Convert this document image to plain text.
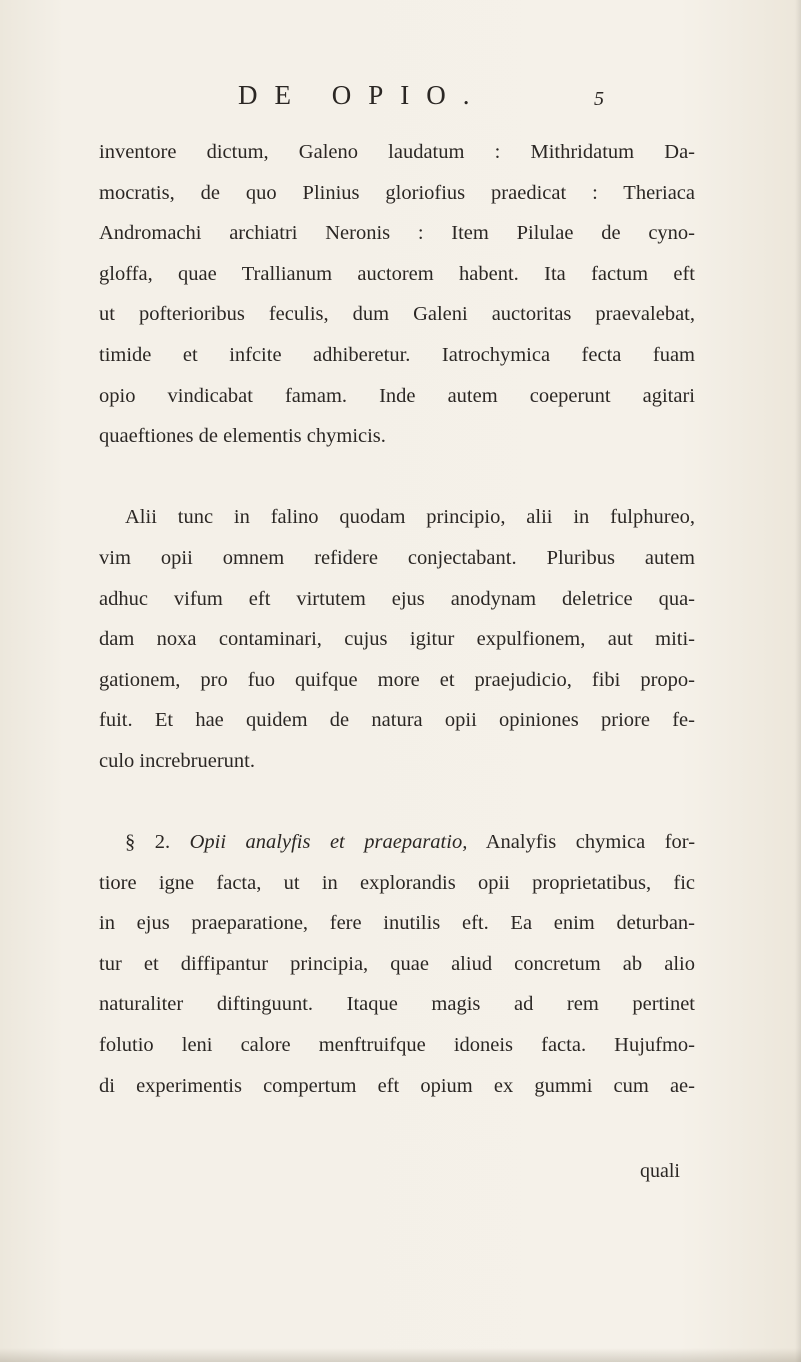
DE OPIO.	5
inventore dictum, Galeno laudatum : Mithridatum Da-
mocratis, de quo Plinius gloriofius praedicat : Theriaca
Andromachi archiatri Neronis : Item Pilulae de cyno-
gloffa, quae Trallianum auctorem habent. Ita factum eft
ut pofterioribus feculis, dum Galeni auctoritas praevalebat,
timide et infcite adhiberetur. Iatrochymica fecta fuam
opio vindicabat famam. Inde autem coeperunt agitari
quaeftiones de elementis chymicis.
Alii tunc in falino quodam principio, alii in fulphureo,
vim opii omnem refidere conjectabant. Pluribus autem
adhuc vifum eft virtutem ejus anodynam deletrice qua-
dam noxa contaminari, cujus igitur expulfionem, aut miti-
gationem, pro fuo quifque more et praejudicio, fibi propo-
fuit. Et hae quidem de natura opii opiniones priore fe-
culo increbruerunt.
§ 2. Opii analyfis et praeparatio, Analyfis chymica for-
tiore igne facta, ut in explorandis opii proprietatibus, fic
in ejus praeparatione, fere inutilis eft. Ea enim deturban-
tur et diffipantur principia, quae aliud concretum ab alio
naturaliter diftinguunt. Itaque magis ad rem pertinet
folutio leni calore menftruifque idoneis facta. Hujufmo-
di experimentis compertum eft opium ex gummi cum ae-
quali
